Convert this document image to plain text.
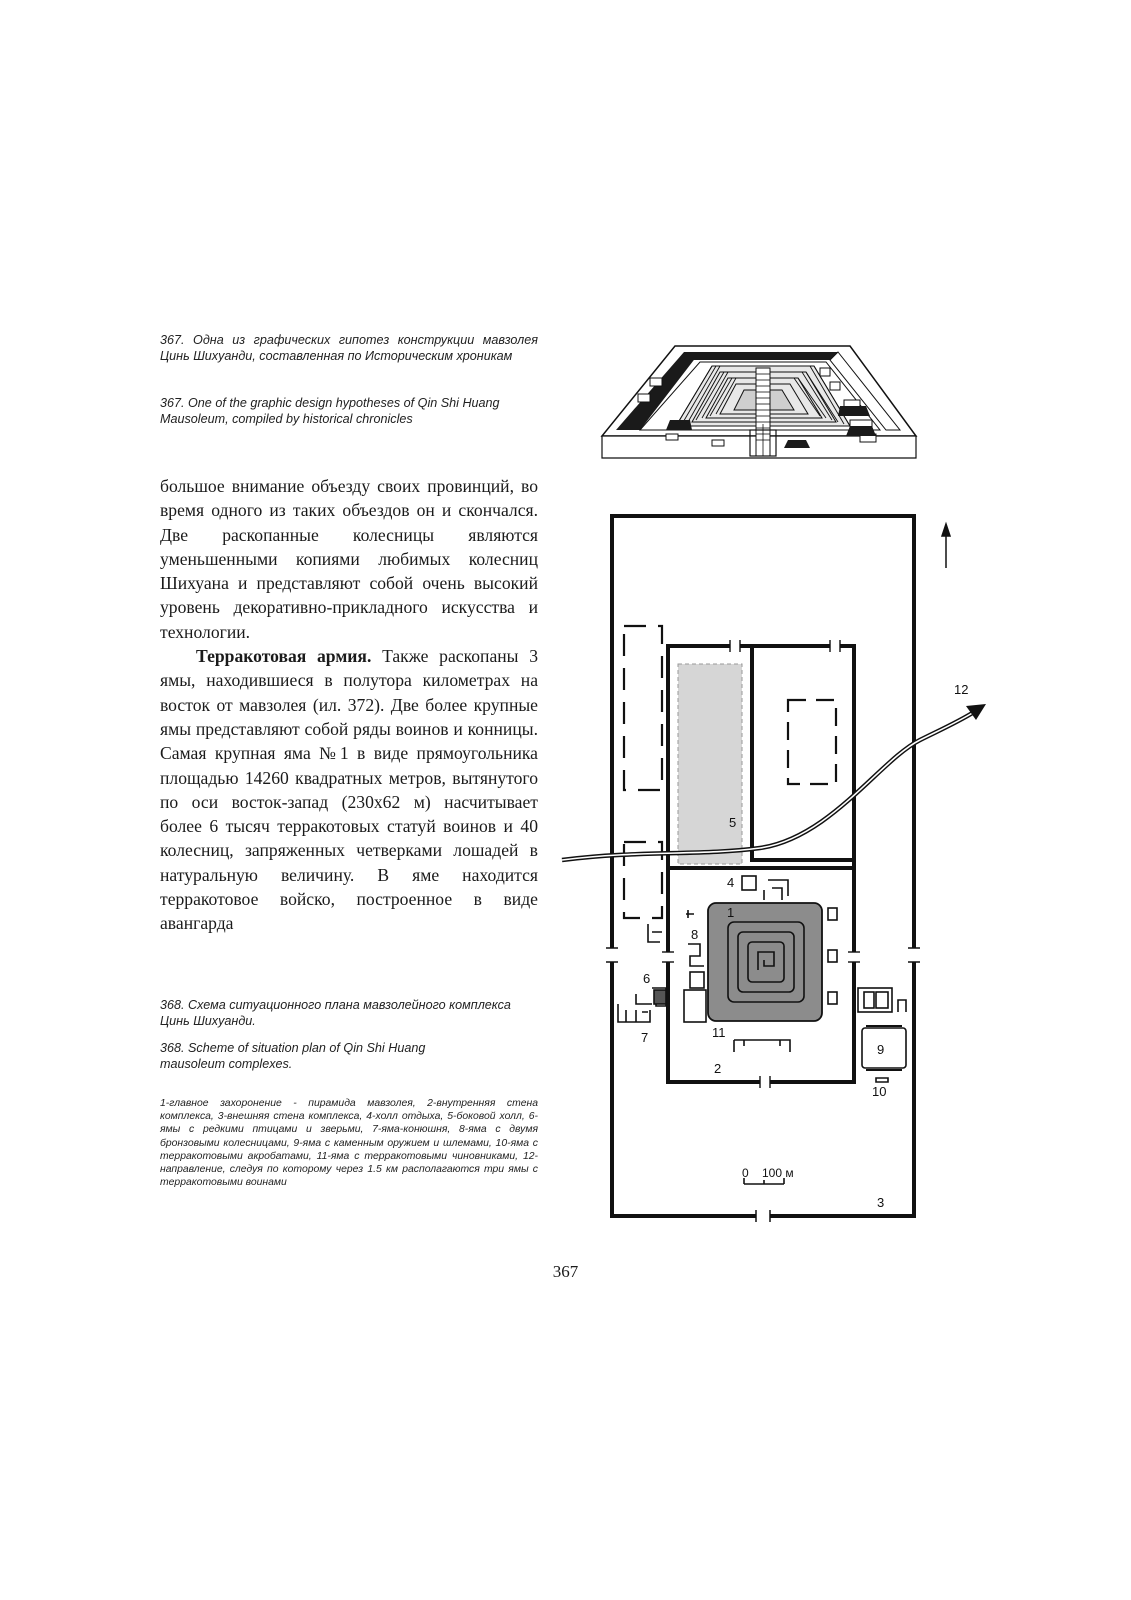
367. Одна из графических гипотез конструкции мавзолея Цинь Шихуанди, составленная по Историческим хроникам

367. One of the graphic design hypotheses of Qin Shi Huang Mausoleum, compiled by historical chronicles

большое внимание объезду своих провинций, во время одного из таких объездов он и скончался. Две раскопанные колесницы являются уменьшенными копиями любимых колесниц Шихуана и представляют собой очень высокий уровень декоративно-прикладного искусства и технологии.

Терракотовая армия. Также раскопаны 3 ямы, находившиеся в полутора километрах на восток от мавзолея (ил. 372). Две более крупные ямы представляют собой ряды воинов и конницы. Самая крупная яма №1 в виде прямоугольника площадью 14260 квадратных метров, вытянутого по оси восток-запад (230х62 м) насчитывает более 6 тысяч терракотовых статуй воинов и 40 колесниц, запряженных четверками лошадей в натуральную величину. В яме находится терракотовое войско, построенное в виде авангарда

368. Схема ситуационного плана мавзолейного комплекса Цинь Шихуанди.

368. Scheme of situation plan of Qin Shi Huang mausoleum complexes.

1-главное захоронение - пирамида мавзолея, 2-внутренняя стена комплекса, 3-внешняя стена комплекса, 4-холл отдыха, 5-боковой холл, 6-ямы с редкими птицами и зверьми, 7-яма-конюшня, 8-яма с двумя бронзовыми колесницами, 9-яма с каменным оружием и шлемами, 10-яма с терракотовыми акробатами, 11-яма с терракотовыми чиновниками, 12-направление, следуя по которому через 1.5 км располагаются три ямы с терракотовыми воинами

0 100 м
1
2
3
4
5
6
7
8
9
10
11
12
367
